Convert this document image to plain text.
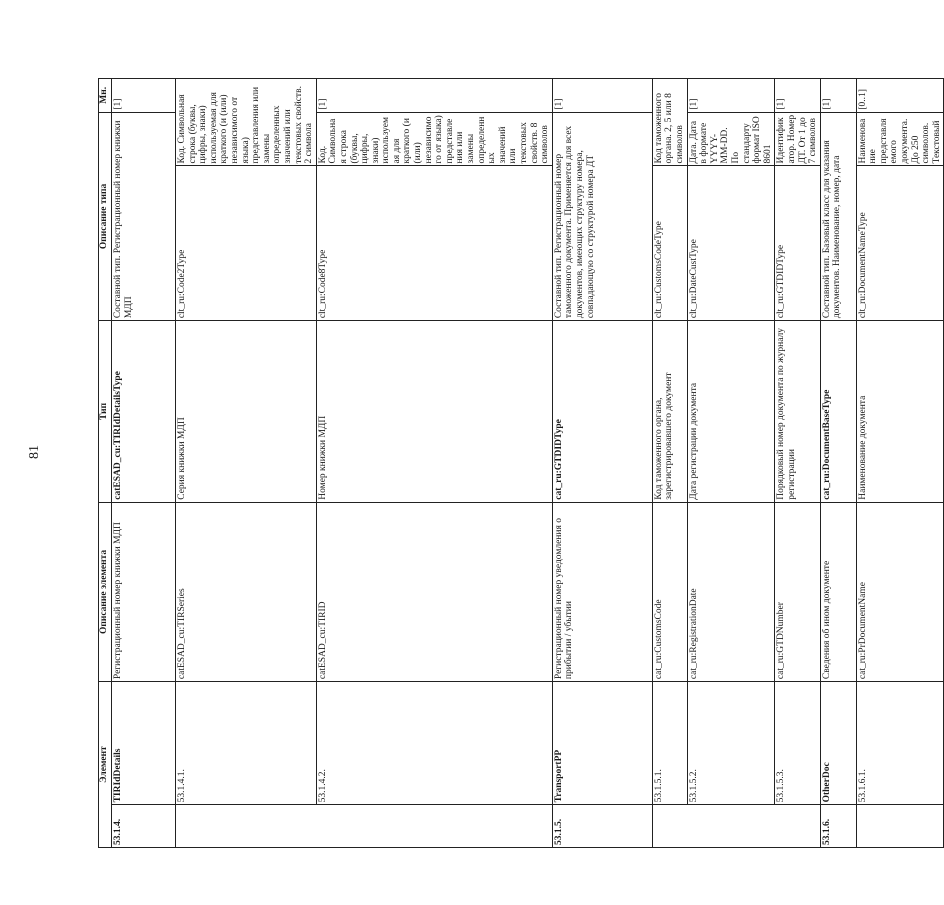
81
Элемент		Описание элемента	Тип	Описание типа		Мн.
53.1.4.	TIRIdDetails	Регистрационный номер книжки МДП	catESAD_cu:TIRIdDetailsType	Составной тип. Регистрационный номер книжки МДП		[1]
	53.1.4.1.	catESAD_cu:TIRSeries	Серия книжки МДП	clt_ru:Code2Type	Код. Символьная строка (буквы, цифры, знаки) используемая для краткого (и (или) независимого от языка) представления или замены определенных значений или текстовых свойств. 2 символа	
	53.1.4.2.	catESAD_cu:TIRID	Номер книжки МДП	clt_ru:Code8Type	Код. Символьная строка (буквы, цифры, знаки) используемая для краткого (и (или) независимого от языка) представления или замены определенных значений или текстовых свойств. 8 символов	[1]
53.1.5.	TransportPP	Регистрационный номер уведомления о прибытии / убытии	cat_ru:GTDIDType	Составной тип. Регистрационный номер таможенного документа. Применяется для всех документов, имеющих структуру номера, совпадающую со структурой номера ДТ		[1]
	53.1.5.1.	cat_ru:CustomsCode	Код таможенного органа, зарегистрировавшего документ	clt_ru:CustomsCodeType	Код таможенного органа. 2, 5 или 8 символов	
	53.1.5.2.	cat_ru:RegistrationDate	Дата регистрации документа	clt_ru:DateCustType	Дата. Дата в формате YYYY-MM-DD. По стандарту формат ISO 8601	[1]
	53.1.5.3.	cat_ru:GTDNumber	Порядковый номер документа по журналу регистрации	clt_ru:GTDIDType	Идентификатор. Номер ДТ. От 1 до 7 символов	[1]
53.1.6.	OtherDoc	Сведения об ином документе	cat_ru:DocumentBaseType	Составной тип. Базовый класс для указания документов. Наименование, номер, дата		[1]
	53.1.6.1.	cat_ru:PrDocumentName	Наименование документа	clt_ru:DocumentNameType	Наименование представляемого документа. До 250 символов. Текстовый	[0..1]
